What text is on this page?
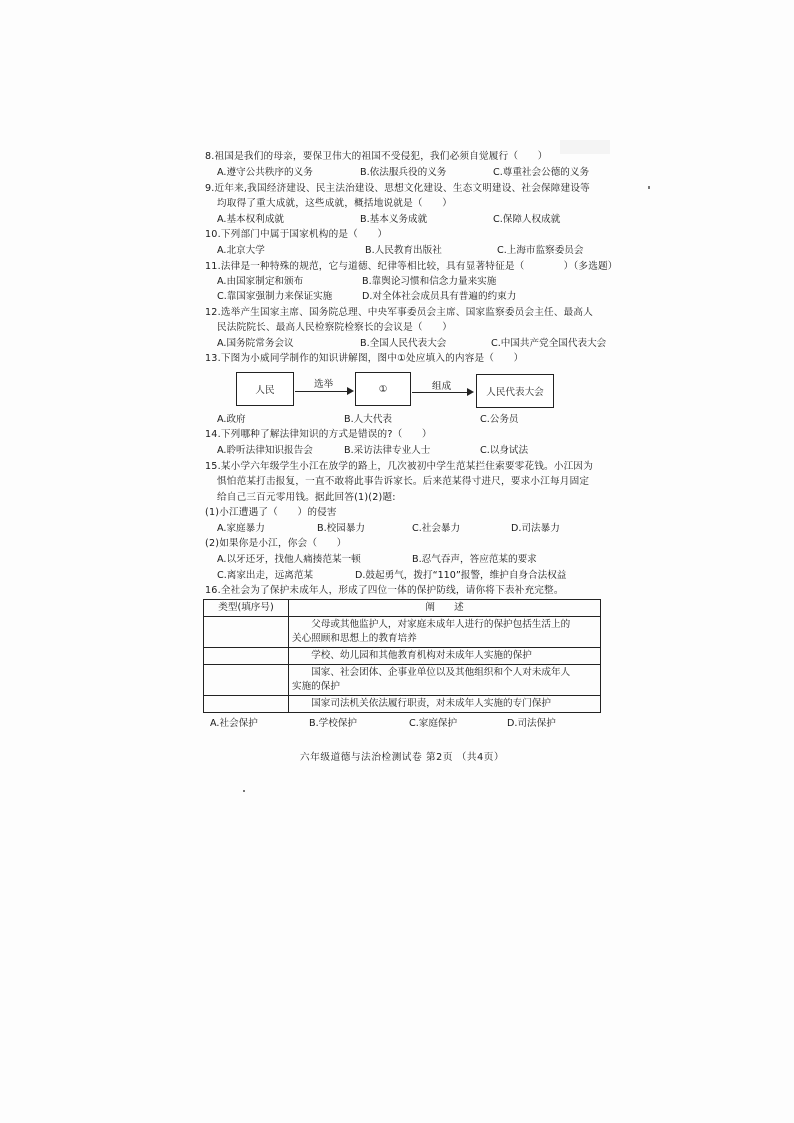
8.祖国是我们的母亲，要保卫伟大的祖国不受侵犯，我们必须自觉履行（　　）
A.遵守公共秩序的义务	B.依法服兵役的义务	C.尊重社会公德的义务
9.近年来,我国经济建设、民主法治建设、思想文化建设、生态文明建设、社会保障建设等
均取得了重大成就，这些成就，概括地说就是（　　）
A.基本权利成就	B.基本义务成就	C.保障人权成就
10.下列部门中属于国家机构的是（　　）
A.北京大学	B.人民教育出版社	C.上海市监察委员会
11.法律是一种特殊的规范，它与道德、纪律等相比较，具有显著特征是（　　　　）（多选题）
A.由国家制定和颁布	B.靠舆论习惯和信念力量来实施
C.靠国家强制力来保证实施	D.对全体社会成员具有普遍的约束力
12.选举产生国家主席、国务院总理、中央军事委员会主席、国家监察委员会主任、最高人
民法院院长、最高人民检察院检察长的会议是（　　）
A.国务院常务会议	B.全国人民代表大会	C.中国共产党全国代表大会
13.下图为小威同学制作的知识讲解图，图中①处应填入的内容是（　　）
人民
选举	①	组成
人民代表大会
A.政府	B.人大代表	C.公务员
14.下列哪种了解法律知识的方式是错误的?（　　）
A.聆听法律知识报告会	B.采访法律专业人士	C.以身试法
15.某小学六年级学生小江在放学的路上，几次被初中学生范某拦住索要零花钱。小江因为
惧怕范某打击报复，一直不敢将此事告诉家长。后来范某得寸进尺，要求小江每月固定
给自己三百元零用钱。据此回答(1)(2)题:
(1)小江遭遇了（　　）的侵害
A.家庭暴力	B.校园暴力	C.社会暴力	D.司法暴力
(2)如果你是小江，你会（　　）
A.以牙还牙，找他人痛揍范某一顿	B.忍气吞声，答应范某的要求
C.离家出走，远离范某	D.鼓起勇气，拨打“110”报警，维护自身合法权益
16.全社会为了保护未成年人，形成了四位一体的保护防线，请你将下表补充完整。
类型(填序号)	阐　　述

	父母或其他监护人，对家庭未成年人进行的保护包括生活上的
关心照顾和思想上的教育培养

	学校、幼儿园和其他教育机构对未成年人实施的保护

	国家、社会团体、企事业单位以及其他组织和个人对未成年人
实施的保护

	国家司法机关依法履行职责，对未成年人实施的专门保护
A.社会保护	B.学校保护	C.家庭保护	D.司法保护
六年级道德与法治检测试卷 第2页 （共4页）
